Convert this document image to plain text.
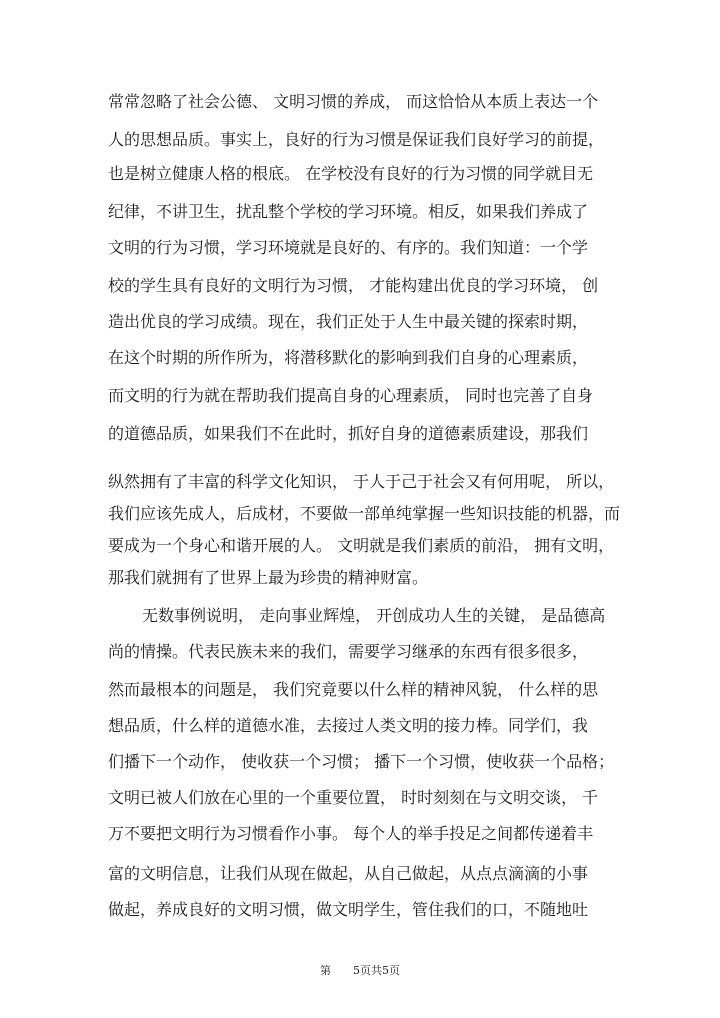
常常忽略了社会公德、 文明习惯的养成， 而这恰恰从本质上表达一个
人的思想品质。事实上，良好的行为习惯是保证我们良好学习的前提，
也是树立健康人格的根底。 在学校没有良好的行为习惯的同学就目无
纪律，不讲卫生，扰乱整个学校的学习环境。相反，如果我们养成了
文明的行为习惯，学习环境就是良好的、有序的。我们知道：一个学
校的学生具有良好的文明行为习惯， 才能构建出优良的学习环境， 创
造出优良的学习成绩。现在，我们正处于人生中最关键的探索时期，
在这个时期的所作所为，将潜移默化的影响到我们自身的心理素质，
而文明的行为就在帮助我们提高自身的心理素质， 同时也完善了自身
的道德品质，如果我们不在此时，抓好自身的道德素质建设，那我们
纵然拥有了丰富的科学文化知识， 于人于己于社会又有何用呢， 所以，
我们应该先成人，后成材，不要做一部单纯掌握一些知识技能的机器，而
要成为一个身心和谐开展的人。 文明就是我们素质的前沿， 拥有文明，
那我们就拥有了世界上最为珍贵的精神财富。
无数事例说明， 走向事业辉煌， 开创成功人生的关键， 是品德高
尚的情操。代表民族未来的我们，需要学习继承的东西有很多很多，
然而最根本的问题是， 我们究竟要以什么样的精神风貌， 什么样的思
想品质，什么样的道德水准，去接过人类文明的接力棒。同学们，我
们播下一个动作， 使收获一个习惯； 播下一个习惯，使收获一个品格；
文明已被人们放在心里的一个重要位置， 时时刻刻在与文明交谈， 千
万不要把文明行为习惯看作小事。 每个人的举手投足之间都传递着丰
富的文明信息，让我们从现在做起，从自己做起，从点点滴滴的小事
做起，养成良好的文明习惯，做文明学生，管住我们的口，不随地吐
第 5页共5页
